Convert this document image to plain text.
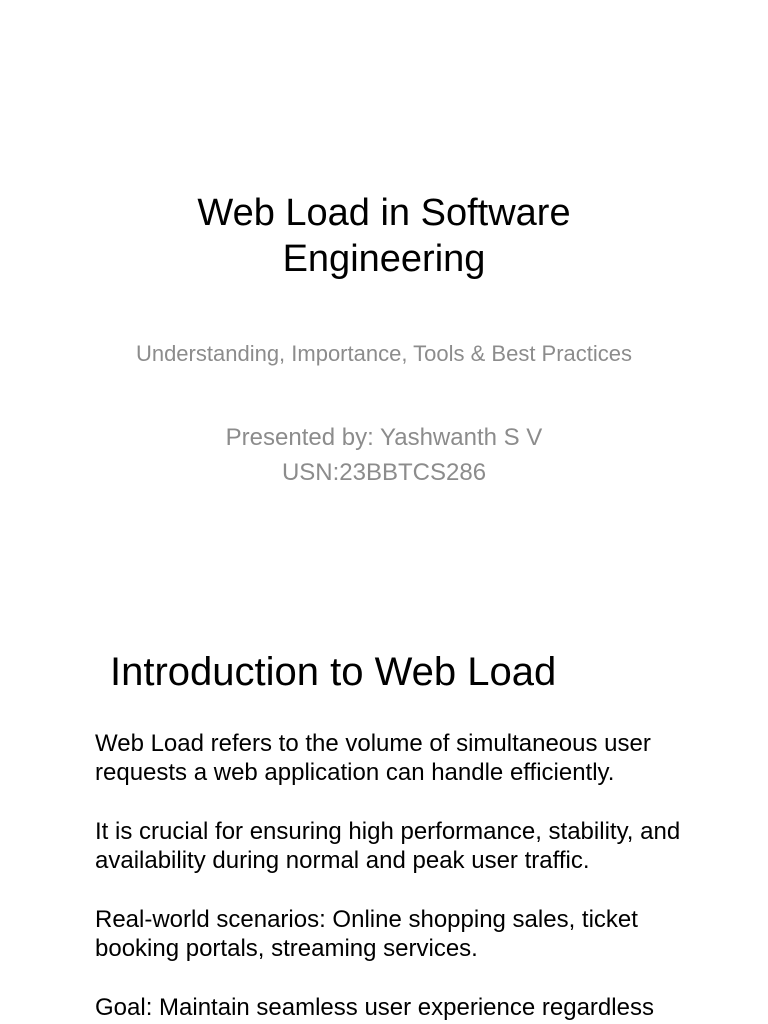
Web Load in Software Engineering

Understanding, Importance, Tools & Best Practices

Presented by: Yashwanth S V
USN:23BBTCS286

Introduction to Web Load
Web Load refers to the volume of simultaneous user requests a web application can handle efficiently.
It is crucial for ensuring high performance, stability, and availability during normal and peak user traffic.
Real-world scenarios: Online shopping sales, ticket booking portals, streaming services.
Goal: Maintain seamless user experience regardless
